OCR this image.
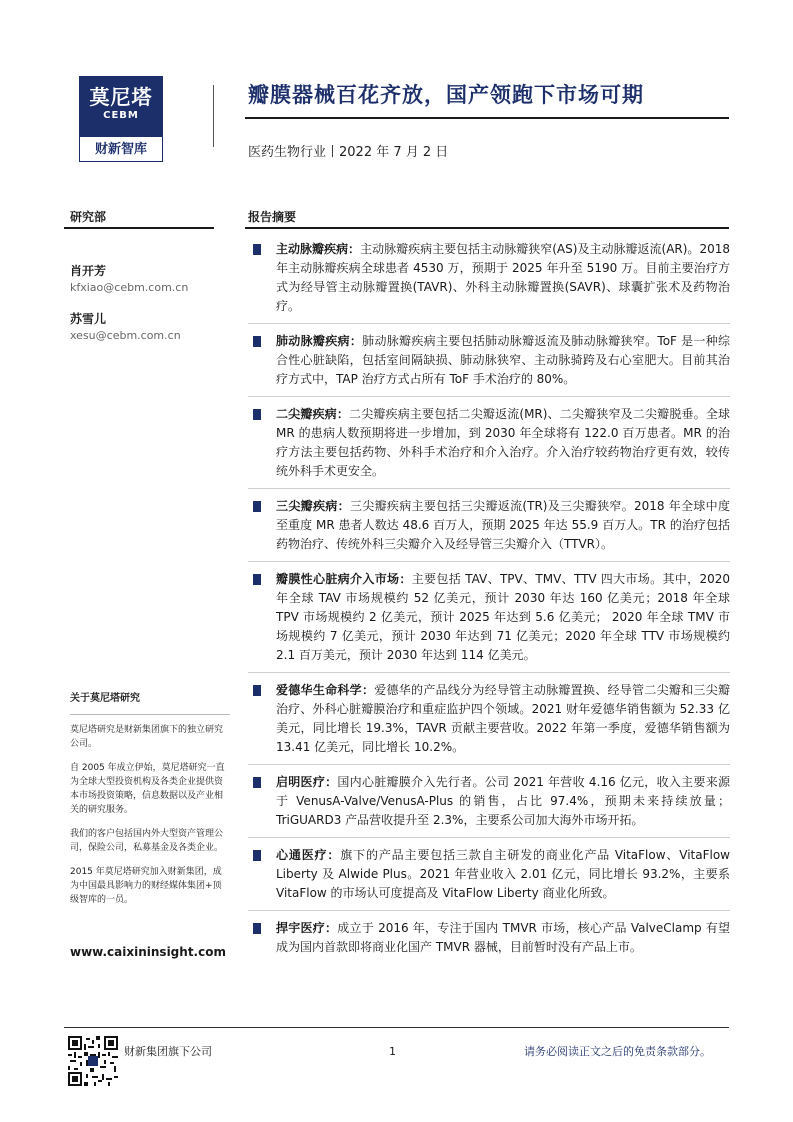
莫尼塔
CEBM
财新智库
瓣膜器械百花齐放，国产领跑下市场可期
医药生物行业丨2022 年 7 月 2 日
研究部	报告摘要
肖开芳
kfxiao@cebm.com.cn
苏雪儿
xesu@cebm.com.cn
关于莫尼塔研究

莫尼塔研究是财新集团旗下的独立研究公司。

自 2005 年成立伊始，莫尼塔研究一直为全球大型投资机构及各类企业提供资本市场投资策略，信息数据以及产业相关的研究服务。

我们的客户包括国内外大型资产管理公司，保险公司，私募基金及各类企业。

2015 年莫尼塔研究加入财新集团，成为中国最具影响力的财经媒体集团+顶级智库的一员。

www.caixininsight.com
主动脉瓣疾病：主动脉瓣疾病主要包括主动脉瓣狭窄(AS)及主动脉瓣返流(AR)。2018 年主动脉瓣疾病全球患者 4530 万，预期于 2025 年升至 5190 万。目前主要治疗方式为经导管主动脉瓣置换(TAVR)、外科主动脉瓣置换(SAVR)、球囊扩张术及药物治疗。
肺动脉瓣疾病：肺动脉瓣疾病主要包括肺动脉瓣返流及肺动脉瓣狭窄。ToF 是一种综合性心脏缺陷，包括室间隔缺损、肺动脉狭窄、主动脉骑跨及右心室肥大。目前其治疗方式中，TAP 治疗方式占所有 ToF 手术治疗的 80%。
二尖瓣疾病：二尖瓣疾病主要包括二尖瓣返流(MR)、二尖瓣狭窄及二尖瓣脱垂。全球 MR 的患病人数预期将进一步增加，到 2030 年全球将有 122.0 百万患者。MR 的治疗方法主要包括药物、外科手术治疗和介入治疗。介入治疗较药物治疗更有效，较传统外科手术更安全。
三尖瓣疾病：三尖瓣疾病主要包括三尖瓣返流(TR)及三尖瓣狭窄。2018 年全球中度至重度 MR 患者人数达 48.6 百万人，预期 2025 年达 55.9 百万人。TR 的治疗包括药物治疗、传统外科三尖瓣介入及经导管三尖瓣介入（TTVR）。
瓣膜性心脏病介入市场：主要包括 TAV、TPV、TMV、TTV 四大市场。其中，2020 年全球 TAV 市场规模约 52 亿美元，预计 2030 年达 160 亿美元；2018 年全球 TPV 市场规模约 2 亿美元，预计 2025 年达到 5.6 亿美元； 2020 年全球 TMV 市场规模约 7 亿美元，预计 2030 年达到 71 亿美元；2020 年全球 TTV 市场规模约 2.1 百万美元，预计 2030 年达到 114 亿美元。
爱德华生命科学：爱德华的产品线分为经导管主动脉瓣置换、经导管二尖瓣和三尖瓣治疗、外科心脏瓣膜治疗和重症监护四个领域。2021 财年爱德华销售额为 52.33 亿美元，同比增长 19.3%，TAVR 贡献主要营收。2022 年第一季度，爱德华销售额为 13.41 亿美元，同比增长 10.2%。
启明医疗：国内心脏瓣膜介入先行者。公司 2021 年营收 4.16 亿元，收入主要来源于 VenusA-Valve/VenusA-Plus 的销售，占比 97.4%，预期未来持续放量；TriGUARD3 产品营收提升至 2.3%，主要系公司加大海外市场开拓。
心通医疗：旗下的产品主要包括三款自主研发的商业化产品 VitaFlow、VitaFlow Liberty 及 Alwide Plus。2021 年营业收入 2.01 亿元，同比增长 93.2%，主要系 VitaFlow 的市场认可度提高及 VitaFlow Liberty 商业化所致。
捍宇医疗：成立于 2016 年，专注于国内 TMVR 市场，核心产品 ValveClamp 有望成为国内首款即将商业化国产 TMVR 器械，目前暂时没有产品上市。
财新集团旗下公司	1	请务必阅读正文之后的免责条款部分。
